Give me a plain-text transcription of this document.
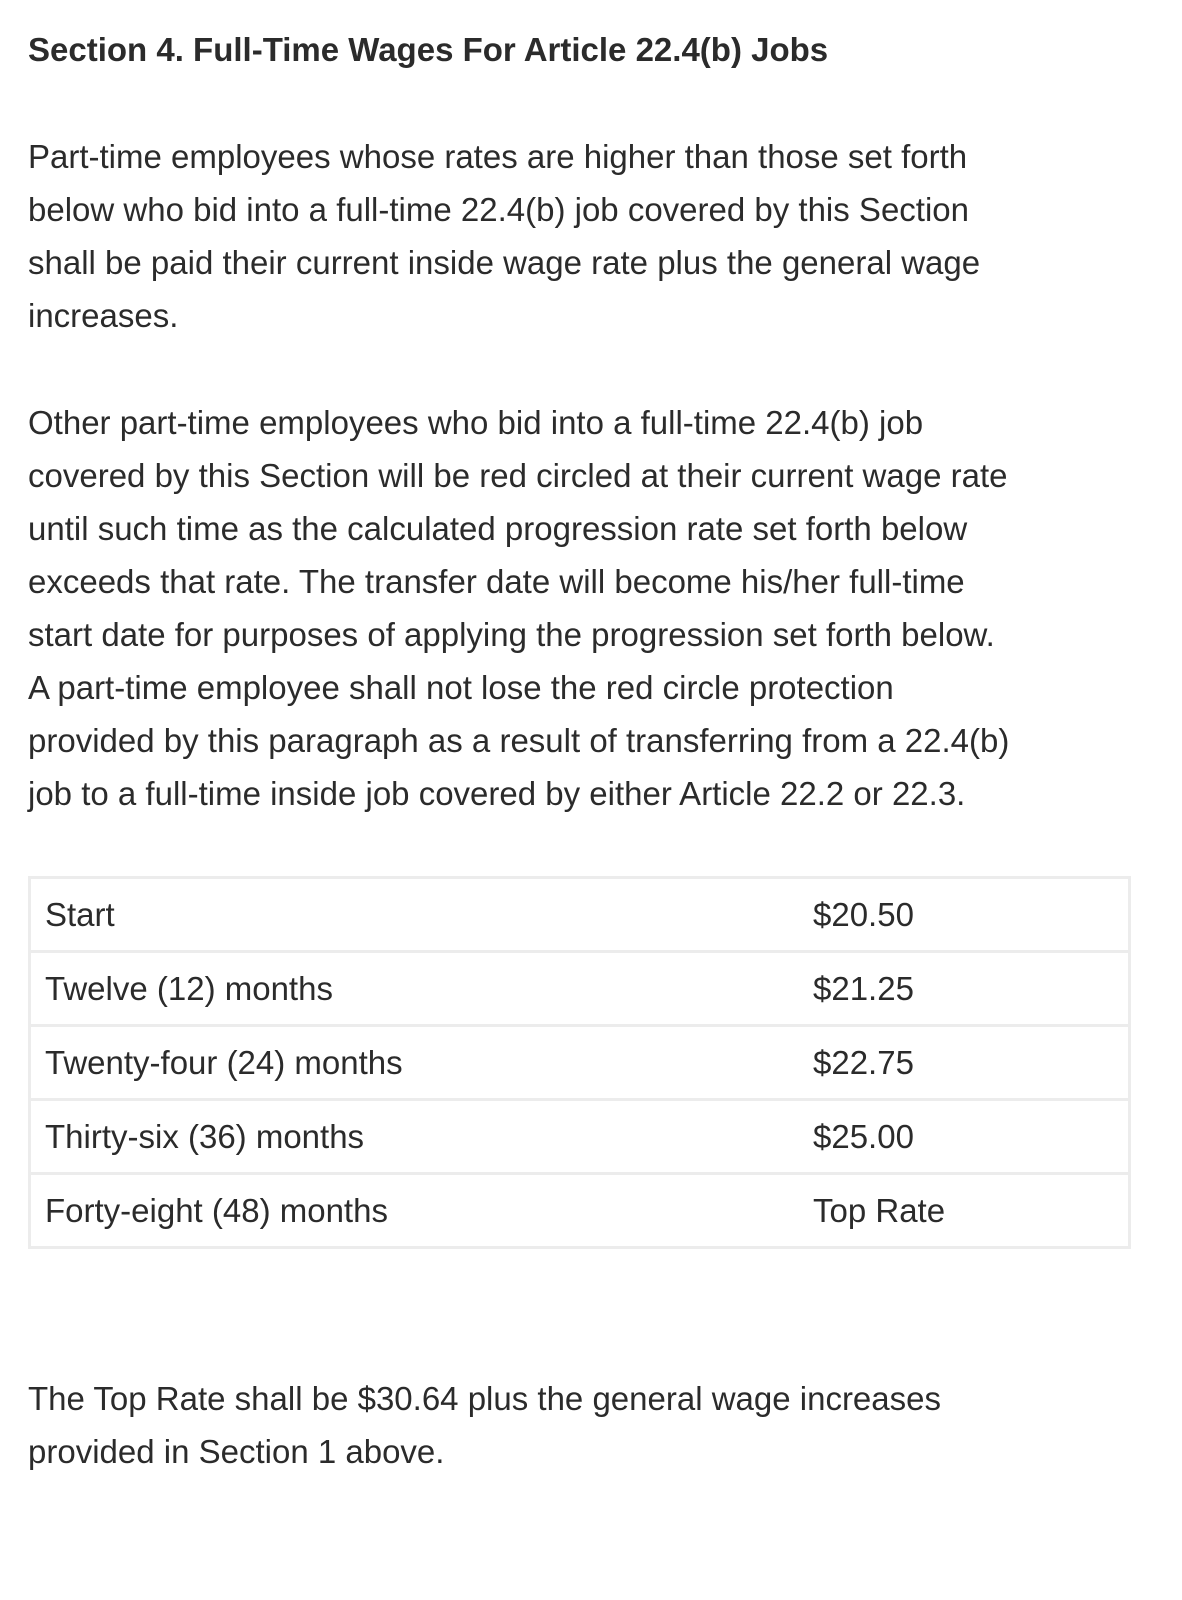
Section 4. Full-Time Wages For Article 22.4(b) Jobs

Part-time employees whose rates are higher than those set forth
below who bid into a full-time 22.4(b) job covered by this Section
shall be paid their current inside wage rate plus the general wage
increases.

Other part-time employees who bid into a full-time 22.4(b) job
covered by this Section will be red circled at their current wage rate
until such time as the calculated progression rate set forth below
exceeds that rate. The transfer date will become his/her full-time
start date for purposes of applying the progression set forth below.
A part-time employee shall not lose the red circle protection
provided by this paragraph as a result of transferring from a 22.4(b)
job to a full-time inside job covered by either Article 22.2 or 22.3.

Start	$20.50
Twelve (12) months	$21.25
Twenty-four (24) months	$22.75
Thirty-six (36) months	$25.00
Forty-eight (48) months	Top Rate

The Top Rate shall be $30.64 plus the general wage increases
provided in Section 1 above.
